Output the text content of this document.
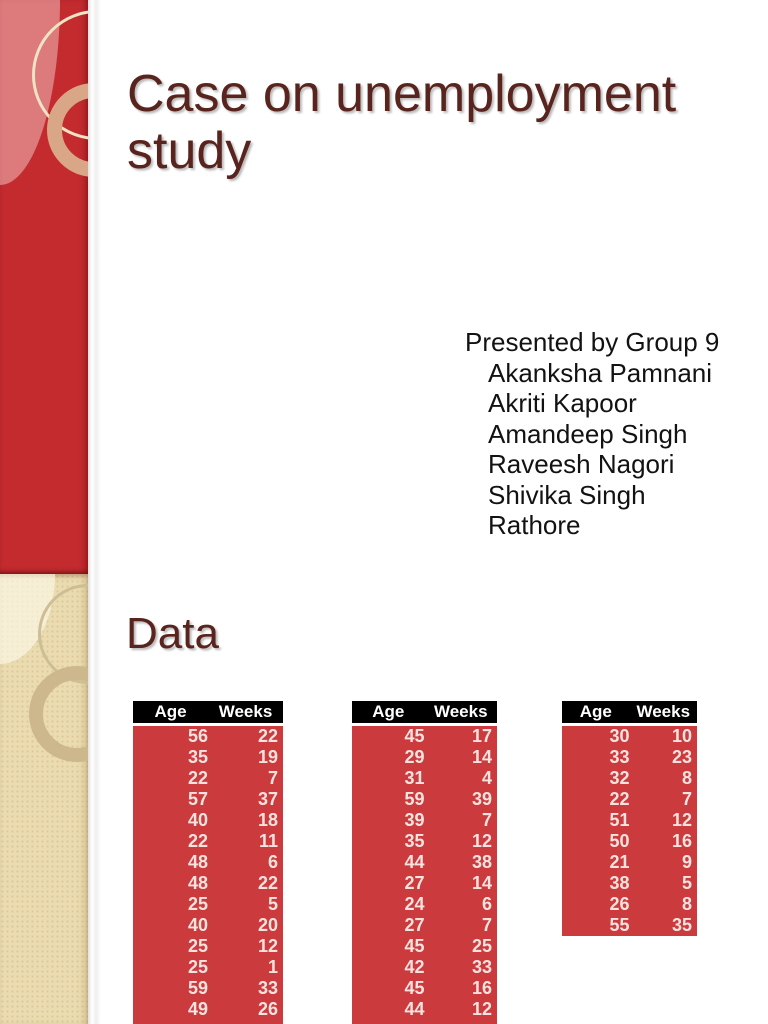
Case on unemployment study
Presented by Group 9
Akanksha Pamnani
Akriti Kapoor
Amandeep Singh
Raveesh Nagori
Shivika Singh
Rathore
Data
Age	Weeks
56	22
35	19
22	7
57	37
40	18
22	11
48	6
48	22
25	5
40	20
25	12
25	1
59	33
49	26
Age	Weeks
45	17
29	14
31	4
59	39
39	7
35	12
44	38
27	14
24	6
27	7
45	25
42	33
45	16
44	12
Age	Weeks
30	10
33	23
32	8
22	7
51	12
50	16
21	9
38	5
26	8
55	35
